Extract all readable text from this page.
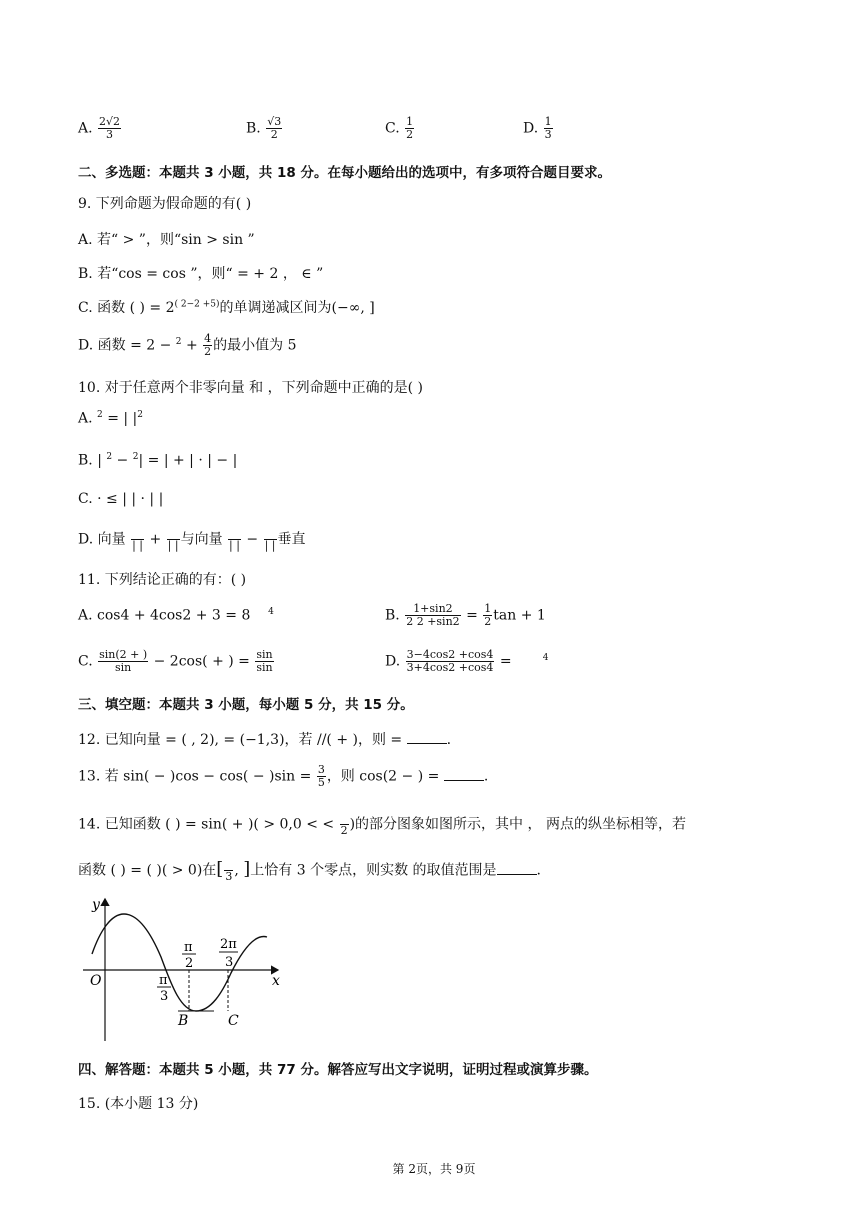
A. $\frac{2√2}{3}$	B. $\frac{√3}{2}$	C. $\frac{1}{2}$	D. $\frac{1}{3}$
二、多选题：本题共 3 小题，共 18 分。在每小题给出的选项中，有多项符合题目要求。
9. 下列命题为假命题的有( )
A. 若“ > ”，则“sin > sin ”
B. 若“cos = cos ”，则“ = + 2 ， ∈ ”
C. 函数 ( ) = $2^{( 2-2 +5)}$的单调递减区间为(−∞, ]
D. 函数 = $2 - ^2 + \frac{4}{2}$ 的最小值为 5
10. 对于任意两个非零向量 和 ，下列命题中正确的是( )
A. $^2$ = | $|^2$
B. | $^2$ − $^2$| = | + | · | − |
C. · ≤ | | · | |
D. 向量
| | +
| | 与向量
| | −
| | 垂直
11. 下列结论正确的有：( )
A. cos4 + 4cos2 + 3 = 8 $^4$	B. $\frac{1+\sin 2}{2 2 +\sin 2} = \frac{1}{2}$ tan + 1
C. $\frac{\sin(2 + )}{\sin} - 2\cos$( + ) = $\frac{\sin}{\sin}$	D. $\frac{3-4\cos 2 +\cos 4}{3+4\cos 2 +\cos 4}$ =	$^4$
三、填空题：本题共 3 小题，每小题 5 分，共 15 分。
12. 已知向量 = ( , 2), = (−1,3)，若 //( + )，则 =	.
13. 若 $\sin( - )\cos - \cos( - )\sin = \frac{3}{5}$ ，则 cos(2 − ) =	.
14. 已知函数 ( ) = sin( + )( > 0,0 < <
2 )的部分图象如图所示，其中 ， 两点的纵坐标相等，若
函数 ( ) = ( )( > 0)在[
3 , ]上恰有 3 个零点，则实数 的取值范围是	.
y
x
O
π
2
2π
3
π
3
B	C
四、解答题：本题共 5 小题，共 77 分。解答应写出文字说明，证明过程或演算步骤。
15. (本小题 13 分)
第 2页，共 9页
